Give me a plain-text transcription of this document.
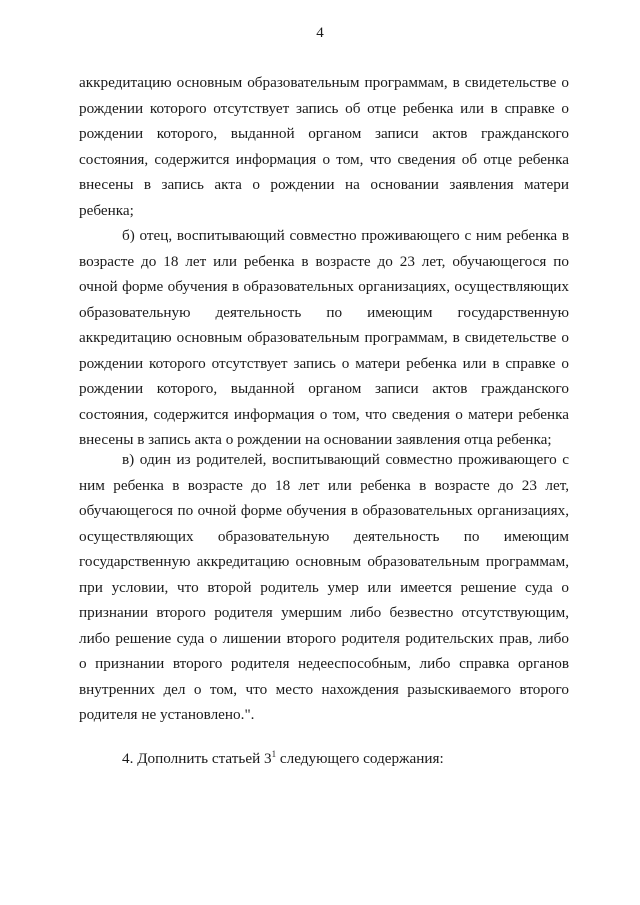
4
аккредитацию основным образовательным программам, в свидетельстве о
рождении которого отсутствует запись об отце ребенка или в справке о
рождении которого, выданной органом записи актов гражданского
состояния, содержится информация о том, что сведения об отце ребенка
внесены в запись акта о рождении на основании заявления матери
ребенка;
б) отец, воспитывающий совместно проживающего с ним ребенка в
возрасте до 18 лет или ребенка в возрасте до 23 лет, обучающегося по
очной форме обучения в образовательных организациях, осуществляющих
образовательную деятельность по имеющим государственную
аккредитацию основным образовательным программам, в свидетельстве о
рождении которого отсутствует запись о матери ребенка или в справке о
рождении которого, выданной органом записи актов гражданского
состояния, содержится информация о том, что сведения о матери ребенка
внесены в запись акта о рождении на основании заявления отца ребенка;
в) один из родителей, воспитывающий совместно проживающего с
ним ребенка в возрасте до 18 лет или ребенка в возрасте до 23 лет,
обучающегося по очной форме обучения в образовательных организациях,
осуществляющих образовательную деятельность по имеющим
государственную аккредитацию основным образовательным программам,
при условии, что второй родитель умер или имеется решение суда о
признании второго родителя умершим либо безвестно отсутствующим,
либо решение суда о лишении второго родителя родительских прав, либо
о признании второго родителя недееспособным, либо справка органов
внутренних дел о том, что место нахождения разыскиваемого второго
родителя не установлено.".
4. Дополнить статьей $3^1$ следующего содержания:
